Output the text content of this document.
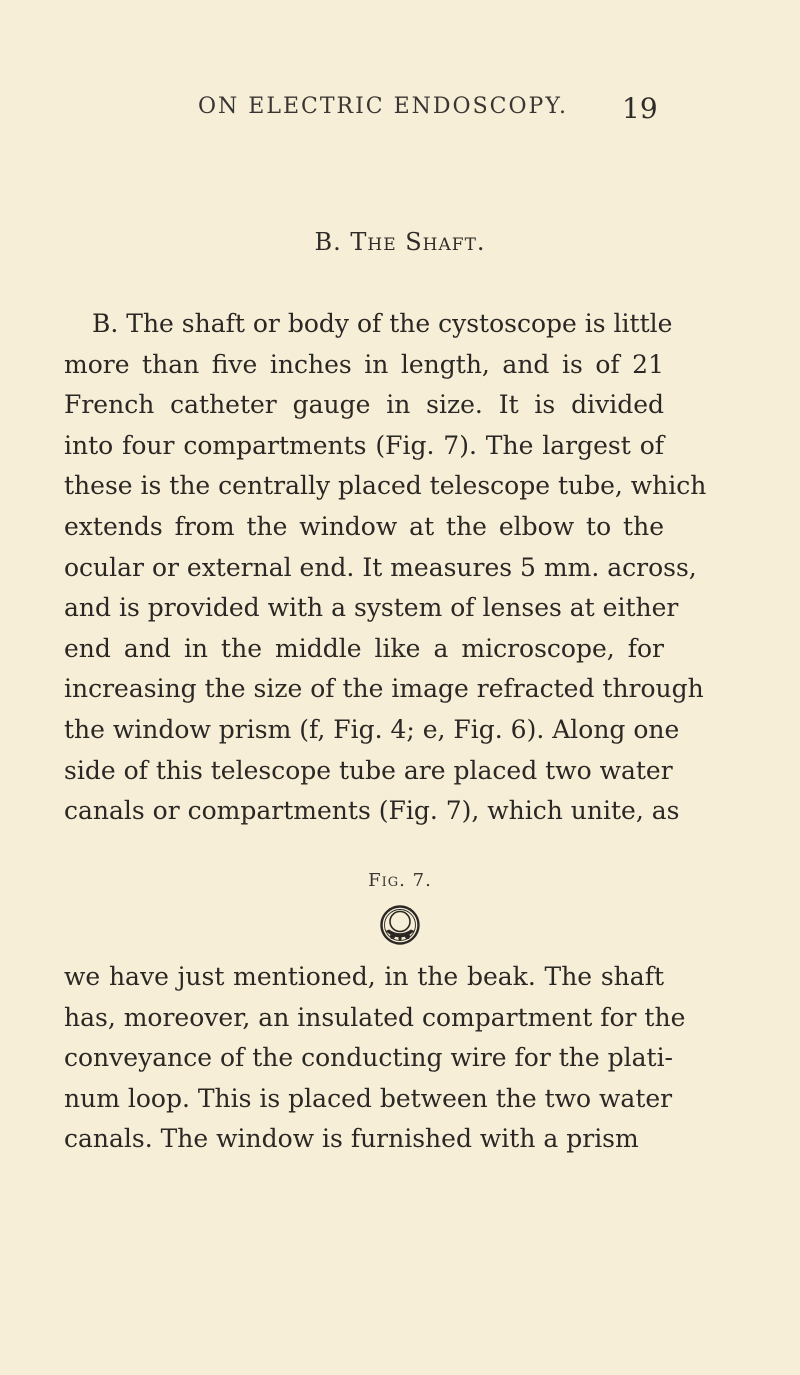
ON ELECTRIC ENDOSCOPY. 19
B. The Shaft.
B. The shaft or body of the cystoscope is little
more than five inches in length, and is of 21
French catheter gauge in size. It is divided
into four compartments (Fig. 7). The largest of
these is the centrally placed telescope tube, which
extends from the window at the elbow to the
ocular or external end. It measures 5 mm. across,
and is provided with a system of lenses at either
end and in the middle like a microscope, for
increasing the size of the image refracted through
the window prism (f, Fig. 4; e, Fig. 6). Along one
side of this telescope tube are placed two water
canals or compartments (Fig. 7), which unite, as
Fig. 7.
we have just mentioned, in the beak. The shaft
has, moreover, an insulated compartment for the
conveyance of the conducting wire for the plati-
num loop. This is placed between the two water
canals. The window is furnished with a prism
